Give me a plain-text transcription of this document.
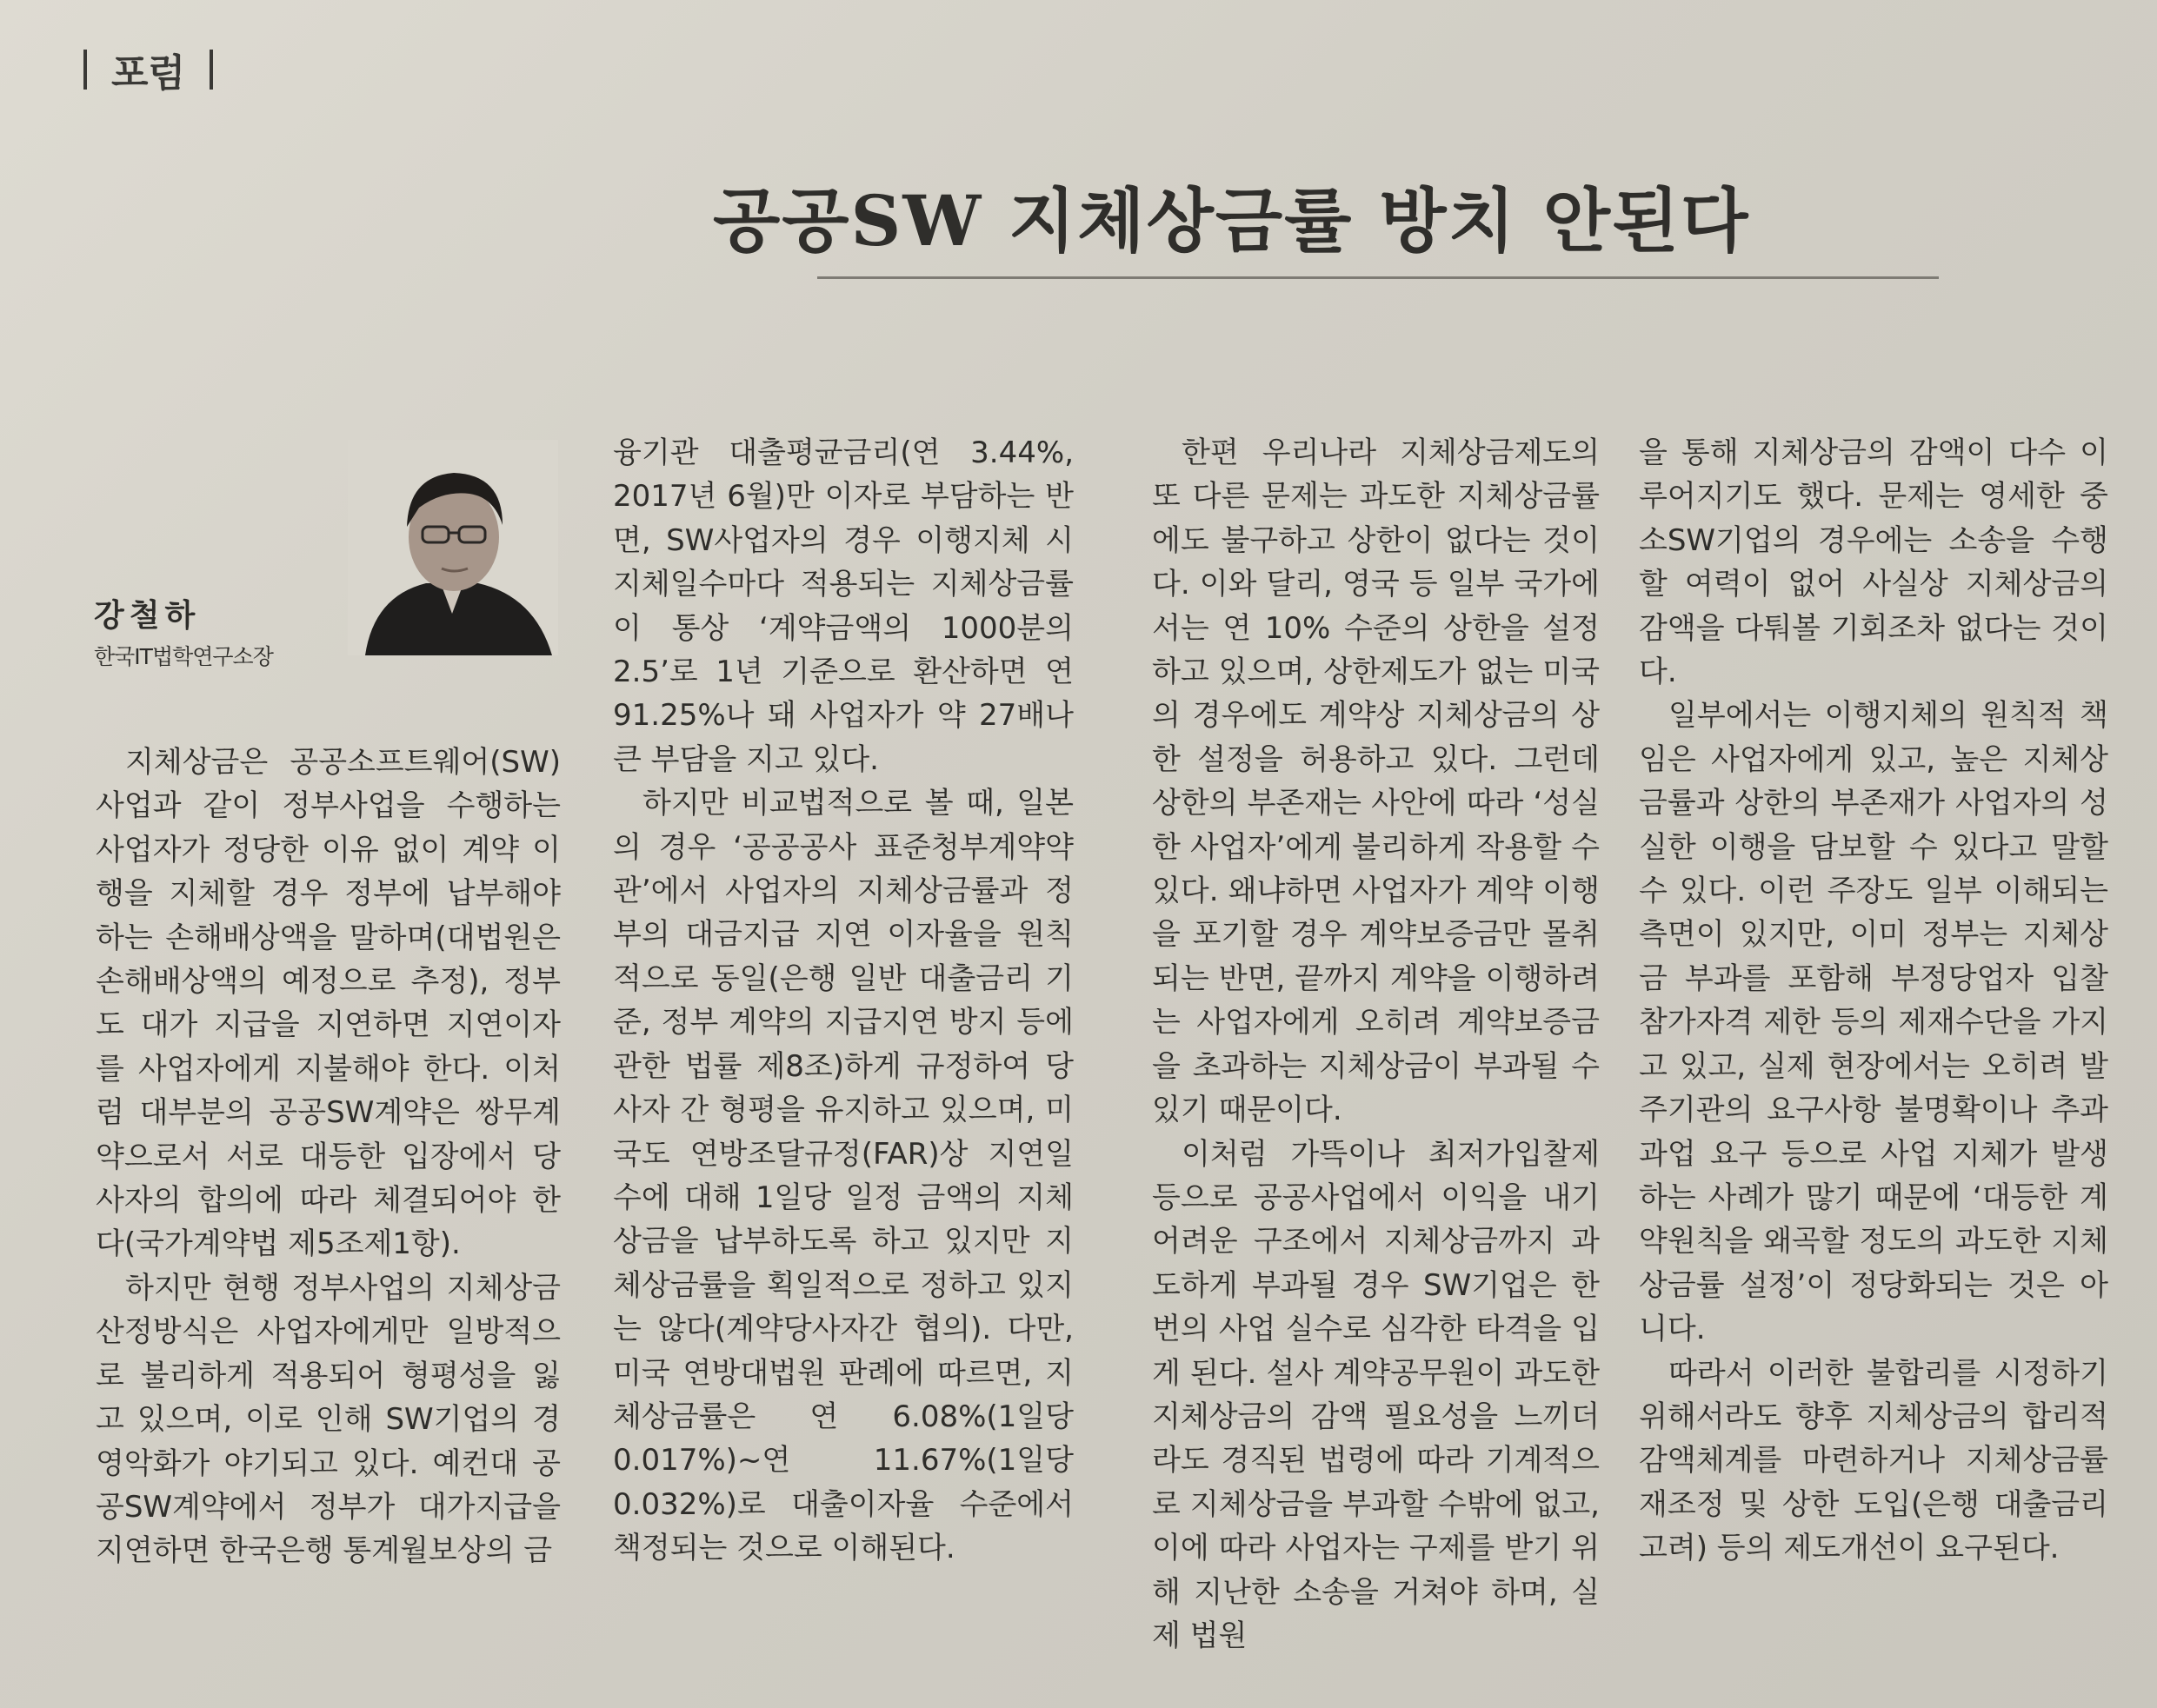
포럼
공공SW 지체상금률 방치 안된다
강철하
한국IT법학연구소장

지체상금은 공공소프트웨어(SW)사업과 같이 정부사업을 수행하는 사업자가 정당한 이유 없이 계약 이행을 지체할 경우 정부에 납부해야 하는 손해배상액을 말하며(대법원은 손해배상액의 예정으로 추정), 정부도 대가 지급을 지연하면 지연이자를 사업자에게 지불해야 한다. 이처럼 대부분의 공공SW계약은 쌍무계약으로서 서로 대등한 입장에서 당사자의 합의에 따라 체결되어야 한다(국가계약법 제5조제1항).

하지만 현행 정부사업의 지체상금 산정방식은 사업자에게만 일방적으로 불리하게 적용되어 형평성을 잃고 있으며, 이로 인해 SW기업의 경영악화가 야기되고 있다. 예컨대 공공SW계약에서 정부가 대가지급을 지연하면 한국은행 통계월보상의 금

융기관 대출평균금리(연 3.44%, 2017년 6월)만 이자로 부담하는 반면, SW사업자의 경우 이행지체 시 지체일수마다 적용되는 지체상금률이 통상 ‘계약금액의 1000분의 2.5’로 1년 기준으로 환산하면 연 91.25%나 돼 사업자가 약 27배나 큰 부담을 지고 있다.

하지만 비교법적으로 볼 때, 일본의 경우 ‘공공공사 표준청부계약약관’에서 사업자의 지체상금률과 정부의 대금지급 지연 이자율을 원칙적으로 동일(은행 일반 대출금리 기준, 정부 계약의 지급지연 방지 등에 관한 법률 제8조)하게 규정하여 당사자 간 형평을 유지하고 있으며, 미국도 연방조달규정(FAR)상 지연일수에 대해 1일당 일정 금액의 지체상금을 납부하도록 하고 있지만 지체상금률을 획일적으로 정하고 있지는 않다(계약당사자간 협의). 다만, 미국 연방대법원 판례에 따르면, 지체상금률은 연 6.08%(1일당 0.017%)~연 11.67%(1일당 0.032%)로 대출이자율 수준에서 책정되는 것으로 이해된다.

한편 우리나라 지체상금제도의 또 다른 문제는 과도한 지체상금률에도 불구하고 상한이 없다는 것이다. 이와 달리, 영국 등 일부 국가에서는 연 10% 수준의 상한을 설정하고 있으며, 상한제도가 없는 미국의 경우에도 계약상 지체상금의 상한 설정을 허용하고 있다. 그런데 상한의 부존재는 사안에 따라 ‘성실한 사업자’에게 불리하게 작용할 수 있다. 왜냐하면 사업자가 계약 이행을 포기할 경우 계약보증금만 몰취되는 반면, 끝까지 계약을 이행하려는 사업자에게 오히려 계약보증금을 초과하는 지체상금이 부과될 수 있기 때문이다.

이처럼 가뜩이나 최저가입찰제 등으로 공공사업에서 이익을 내기 어려운 구조에서 지체상금까지 과도하게 부과될 경우 SW기업은 한 번의 사업 실수로 심각한 타격을 입게 된다. 설사 계약공무원이 과도한 지체상금의 감액 필요성을 느끼더라도 경직된 법령에 따라 기계적으로 지체상금을 부과할 수밖에 없고, 이에 따라 사업자는 구제를 받기 위해 지난한 소송을 거쳐야 하며, 실제 법원

을 통해 지체상금의 감액이 다수 이루어지기도 했다. 문제는 영세한 중소SW기업의 경우에는 소송을 수행할 여력이 없어 사실상 지체상금의 감액을 다퉈볼 기회조차 없다는 것이다.

일부에서는 이행지체의 원칙적 책임은 사업자에게 있고, 높은 지체상금률과 상한의 부존재가 사업자의 성실한 이행을 담보할 수 있다고 말할 수 있다. 이런 주장도 일부 이해되는 측면이 있지만, 이미 정부는 지체상금 부과를 포함해 부정당업자 입찰 참가자격 제한 등의 제재수단을 가지고 있고, 실제 현장에서는 오히려 발주기관의 요구사항 불명확이나 추과 과업 요구 등으로 사업 지체가 발생하는 사례가 많기 때문에 ‘대등한 계약원칙을 왜곡할 정도의 과도한 지체상금률 설정’이 정당화되는 것은 아니다.

따라서 이러한 불합리를 시정하기 위해서라도 향후 지체상금의 합리적 감액체계를 마련하거나 지체상금률 재조정 및 상한 도입(은행 대출금리 고려) 등의 제도개선이 요구된다.
